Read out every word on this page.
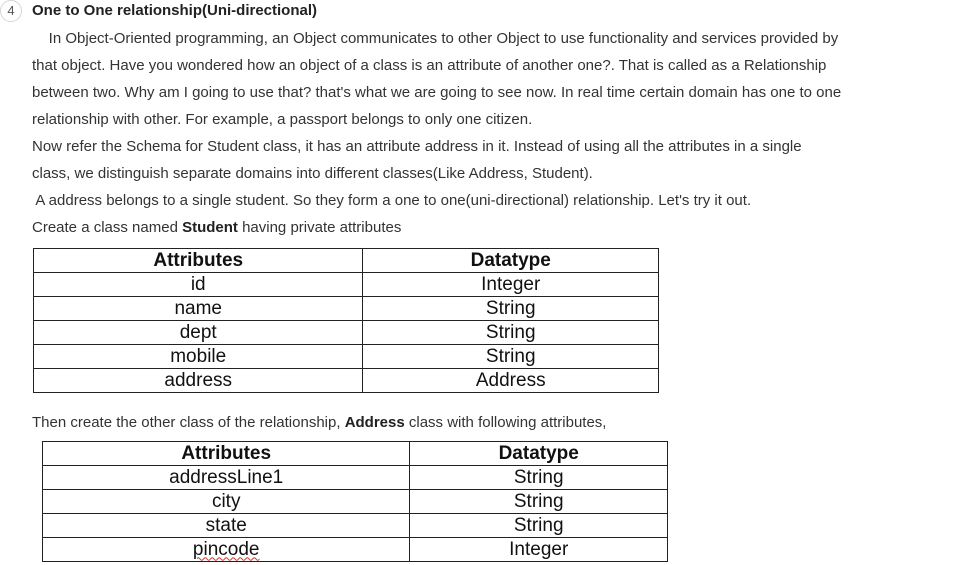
4	One to One relationship(Uni-directional)
In Object-Oriented programming, an Object communicates to other Object to use functionality and services provided by
that object. Have you wondered how an object of a class is an attribute of another one?. That is called as a Relationship
between two. Why am I going to use that? that's what we are going to see now. In real time certain domain has one to one
relationship with other. For example, a passport belongs to only one citizen.
Now refer the Schema for Student class, it has an attribute address in it. Instead of using all the attributes in a single
class, we distinguish separate domains into different classes(Like Address, Student).
A address belongs to a single student. So they form a one to one(uni-directional) relationship. Let's try it out.
Create a class named Student having private attributes
Attributes	Datatype
id	Integer
name	String
dept	String
mobile	String
address	Address
Then create the other class of the relationship, Address class with following attributes,
Attributes	Datatype
addressLine1	String
city	String
state	String
pincode	Integer
